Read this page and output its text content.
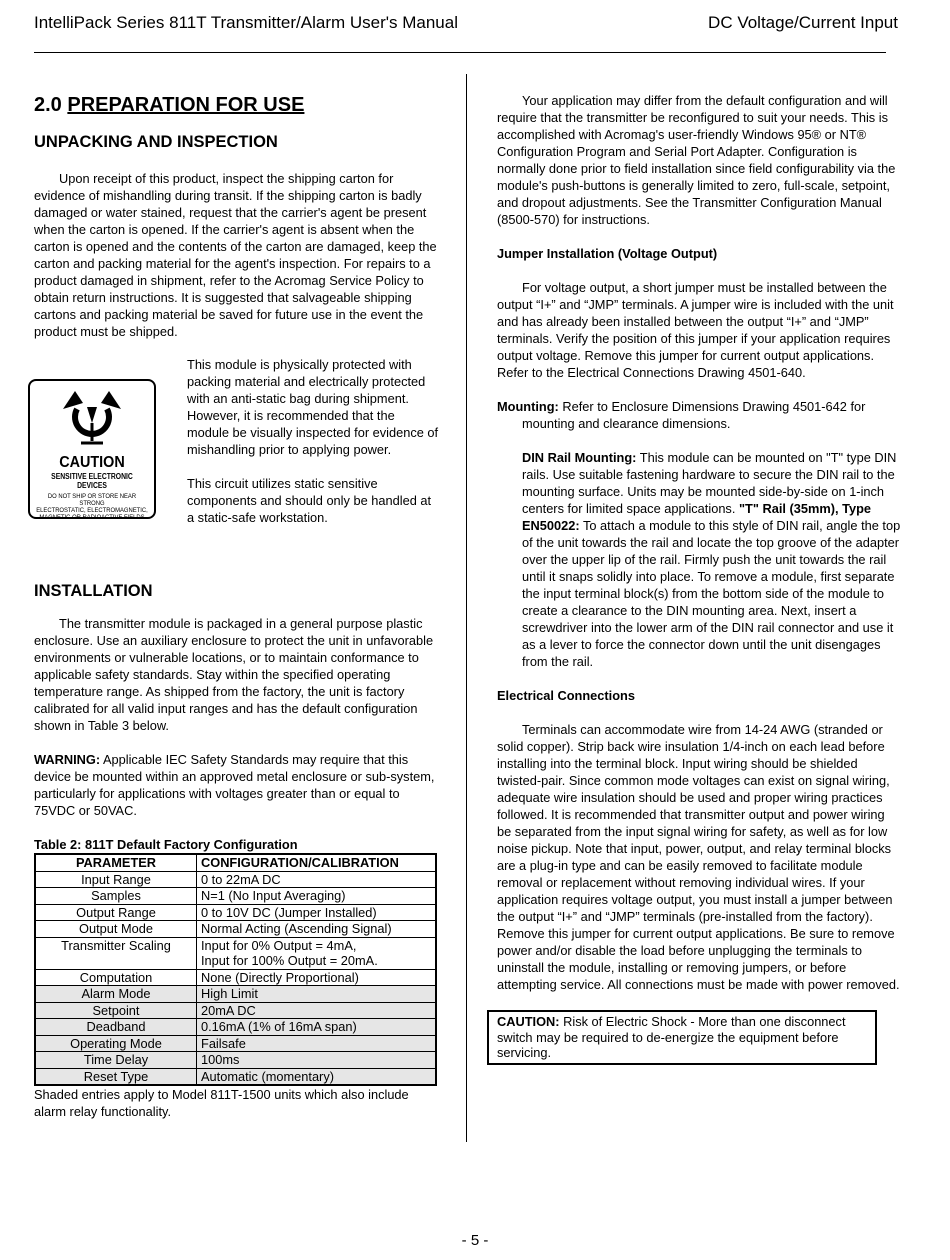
IntelliPack Series 811T Transmitter/Alarm User's Manual	DC Voltage/Current Input
2.0 PREPARATION FOR USE
UNPACKING AND INSPECTION

Upon receipt of this product, inspect the shipping carton for evidence of mishandling during transit. If the shipping carton is badly damaged or water stained, request that the carrier's agent be present when the carton is opened. If the carrier's agent is absent when the carton is opened and the contents of the carton are damaged, keep the carton and packing material for the agent's inspection. For repairs to a product damaged in shipment, refer to the Acromag Service Policy to obtain return instructions. It is suggested that salvageable shipping cartons and packing material be saved for future use in the event the product must be shipped.

This module is physically protected with packing material and electrically protected with an anti-static bag during shipment. However, it is recommended that the module be visually inspected for evidence of mishandling prior to applying power.

This circuit utilizes static sensitive components and should only be handled at a static-safe workstation.

CAUTION
SENSITIVE ELECTRONIC DEVICES
DO NOT SHIP OR STORE NEAR STRONG
ELECTROSTATIC, ELECTROMAGNETIC,
MAGNETIC OR RADIOACTIVE FIELDS
INSTALLATION

The transmitter module is packaged in a general purpose plastic enclosure. Use an auxiliary enclosure to protect the unit in unfavorable environments or vulnerable locations, or to maintain conformance to applicable safety standards. Stay within the specified operating temperature range. As shipped from the factory, the unit is factory calibrated for all valid input ranges and has the default configuration shown in Table 3 below.

WARNING: Applicable IEC Safety Standards may require that this device be mounted within an approved metal enclosure or sub-system, particularly for applications with voltages greater than or equal to 75VDC or 50VAC.

Table 2: 811T Default Factory Configuration
PARAMETER	CONFIGURATION/CALIBRATION
Input Range	0 to 22mA DC

Samples	N=1 (No Input Averaging)

Output Range	0 to 10V DC (Jumper Installed)

Output Mode	Normal Acting (Ascending Signal)

Transmitter Scaling	Input for 0% Output = 4mA,
Input for 100% Output = 20mA.

Computation	None (Directly Proportional)

Alarm Mode	High Limit

Setpoint	20mA DC

Deadband	0.16mA (1% of 16mA span)

Operating Mode	Failsafe

Time Delay	100ms

Reset Type	Automatic (momentary)

Shaded entries apply to Model 811T-1500 units which also include alarm relay functionality.

Your application may differ from the default configuration and will require that the transmitter be reconfigured to suit your needs. This is accomplished with Acromag's user-friendly Windows 95® or NT® Configuration Program and Serial Port Adapter. Configuration is normally done prior to field installation since field configurability via the module's push-buttons is generally limited to zero, full-scale, setpoint, and dropout adjustments. See the Transmitter Configuration Manual (8500-570) for instructions.

Jumper Installation (Voltage Output)

For voltage output, a short jumper must be installed between the output “I+” and “JMP” terminals. A jumper wire is included with the unit and has already been installed between the output “I+” and “JMP” terminals. Verify the position of this jumper if your application requires output voltage. Remove this jumper for current output applications. Refer to the Electrical Connections Drawing 4501-640.

Mounting: Refer to Enclosure Dimensions Drawing 4501-642 for mounting and clearance dimensions.

DIN Rail Mounting: This module can be mounted on "T" type DIN rails. Use suitable fastening hardware to secure the DIN rail to the mounting surface. Units may be mounted side-by-side on 1-inch centers for limited space applications. "T" Rail (35mm), Type EN50022: To attach a module to this style of DIN rail, angle the top of the unit towards the rail and locate the top groove of the adapter over the upper lip of the rail. Firmly push the unit towards the rail until it snaps solidly into place. To remove a module, first separate the input terminal block(s) from the bottom side of the module to create a clearance to the DIN mounting area. Next, insert a screwdriver into the lower arm of the DIN rail connector and use it as a lever to force the connector down until the unit disengages from the rail.

Electrical Connections

Terminals can accommodate wire from 14-24 AWG (stranded or solid copper). Strip back wire insulation 1/4-inch on each lead before installing into the terminal block. Input wiring should be shielded twisted-pair. Since common mode voltages can exist on signal wiring, adequate wire insulation should be used and proper wiring practices followed. It is recommended that transmitter output and power wiring be separated from the input signal wiring for safety, as well as for low noise pickup. Note that input, power, output, and relay terminal blocks are a plug-in type and can be easily removed to facilitate module removal or replacement without removing individual wires. If your application requires voltage output, you must install a jumper between the output “I+” and “JMP” terminals (pre-installed from the factory). Remove this jumper for current output applications. Be sure to remove power and/or disable the load before unplugging the terminals to uninstall the module, installing or removing jumpers, or before attempting service. All connections must be made with power removed.

CAUTION: Risk of Electric Shock - More than one disconnect switch may be required to de-energize the equipment before servicing.
- 5 -
